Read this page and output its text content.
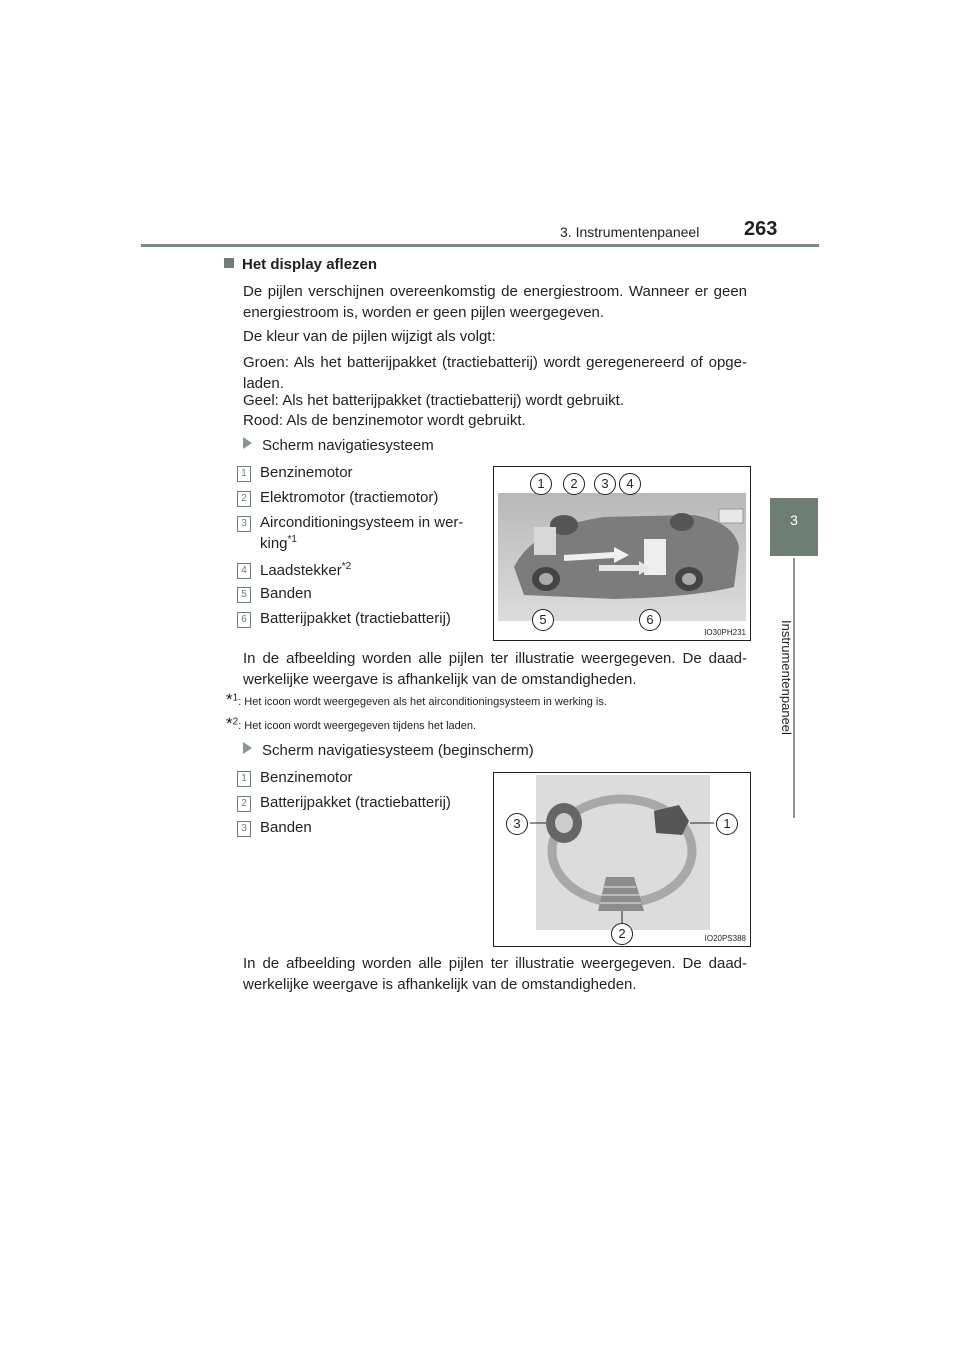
3. Instrumentenpaneel 263
3
Instrumentenpaneel
Het display aflezen
De pijlen verschijnen overeenkomstig de energiestroom. Wanneer er geen energiestroom is, worden er geen pijlen weergegeven.
De kleur van de pijlen wijzigt als volgt:
Groen: Als het batterijpakket (tractiebatterij) wordt geregenereerd of opge-laden.
Geel: Als het batterijpakket (tractiebatterij) wordt gebruikt.
Rood: Als de benzinemotor wordt gebruikt.
Scherm navigatiesysteem
1 Benzinemotor
2 Elektromotor (tractiemotor)
3 Airconditioningsysteem in wer-
king$^{*1}$
4 Laadstekker$^{*2}$
5 Banden
6 Batterijpakket (tractiebatterij)
1	2	3	4
5	6
IO30PH231
In de afbeelding worden alle pijlen ter illustratie weergegeven. De daad-werkelijke weergave is afhankelijk van de omstandigheden.
*$^1$: Het icoon wordt weergegeven als het airconditioningsysteem in werking is.
*$^2$: Het icoon wordt weergegeven tijdens het laden.
Scherm navigatiesysteem (beginscherm)
1 Benzinemotor
2 Batterijpakket (tractiebatterij)
3 Banden	3	1
2	IO20PS388
In de afbeelding worden alle pijlen ter illustratie weergegeven. De daad-werkelijke weergave is afhankelijk van de omstandigheden.
